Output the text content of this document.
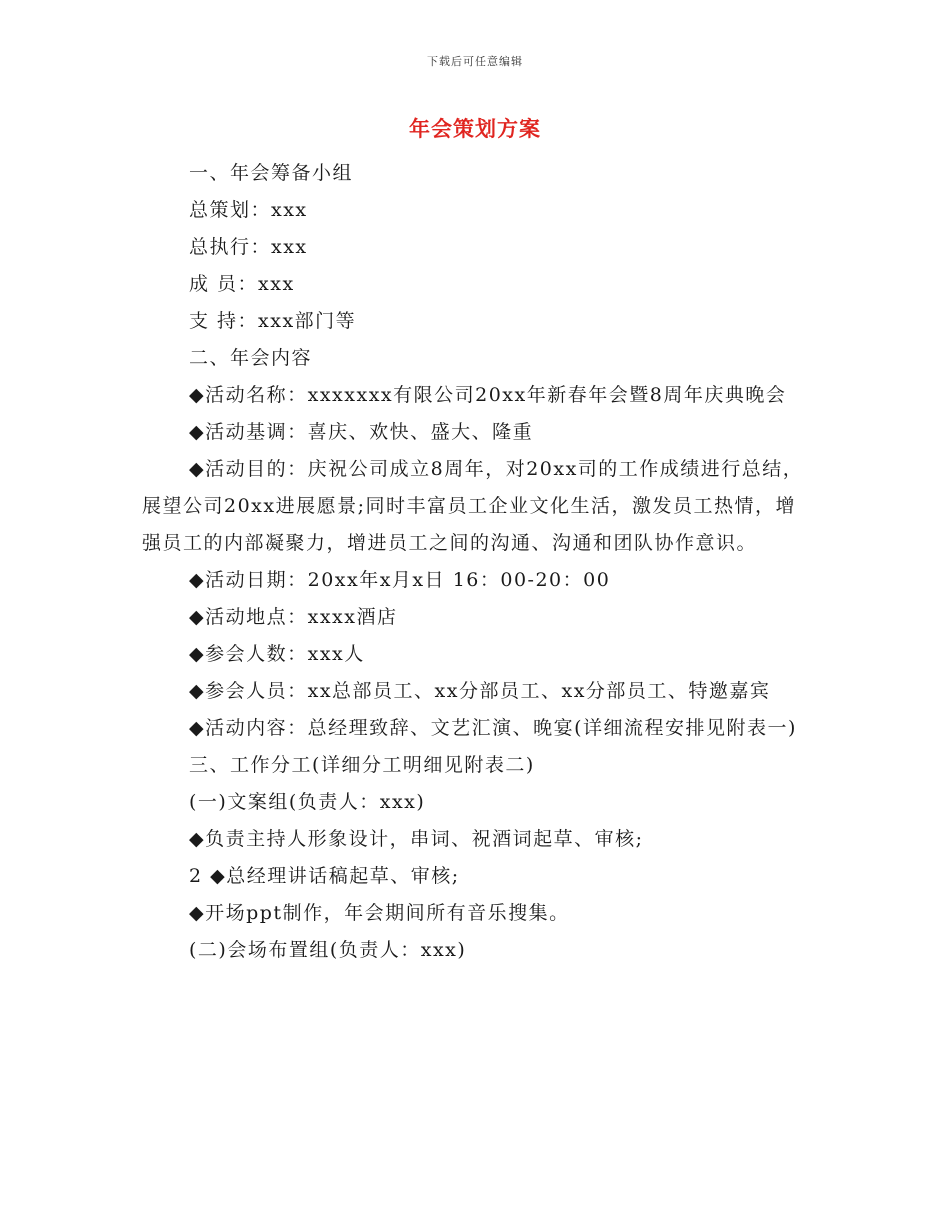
下载后可任意编辑
年会策划方案

一、年会筹备小组

总策划：xxx

总执行：xxx

成 员：xxx

支 持：xxx部门等

二、年会内容

◆活动名称：xxxxxxx有限公司20xx年新春年会暨8周年庆典晚会

◆活动基调：喜庆、欢快、盛大、隆重

◆活动目的：庆祝公司成立8周年，对20xx司的工作成绩进行总结，展望公司20xx进展愿景;同时丰富员工企业文化生活，激发员工热情，增强员工的内部凝聚力，增进员工之间的沟通、沟通和团队协作意识。

◆活动日期：20xx年x月x日 16：00-20：00

◆活动地点：xxxx酒店

◆参会人数：xxx人

◆参会人员：xx总部员工、xx分部员工、xx分部员工、特邀嘉宾

◆活动内容：总经理致辞、文艺汇演、晚宴(详细流程安排见附表一)

三、工作分工(详细分工明细见附表二)

(一)文案组(负责人：xxx)

◆负责主持人形象设计，串词、祝酒词起草、审核;

2 ◆总经理讲话稿起草、审核;

◆开场ppt制作，年会期间所有音乐搜集。

(二)会场布置组(负责人：xxx)
